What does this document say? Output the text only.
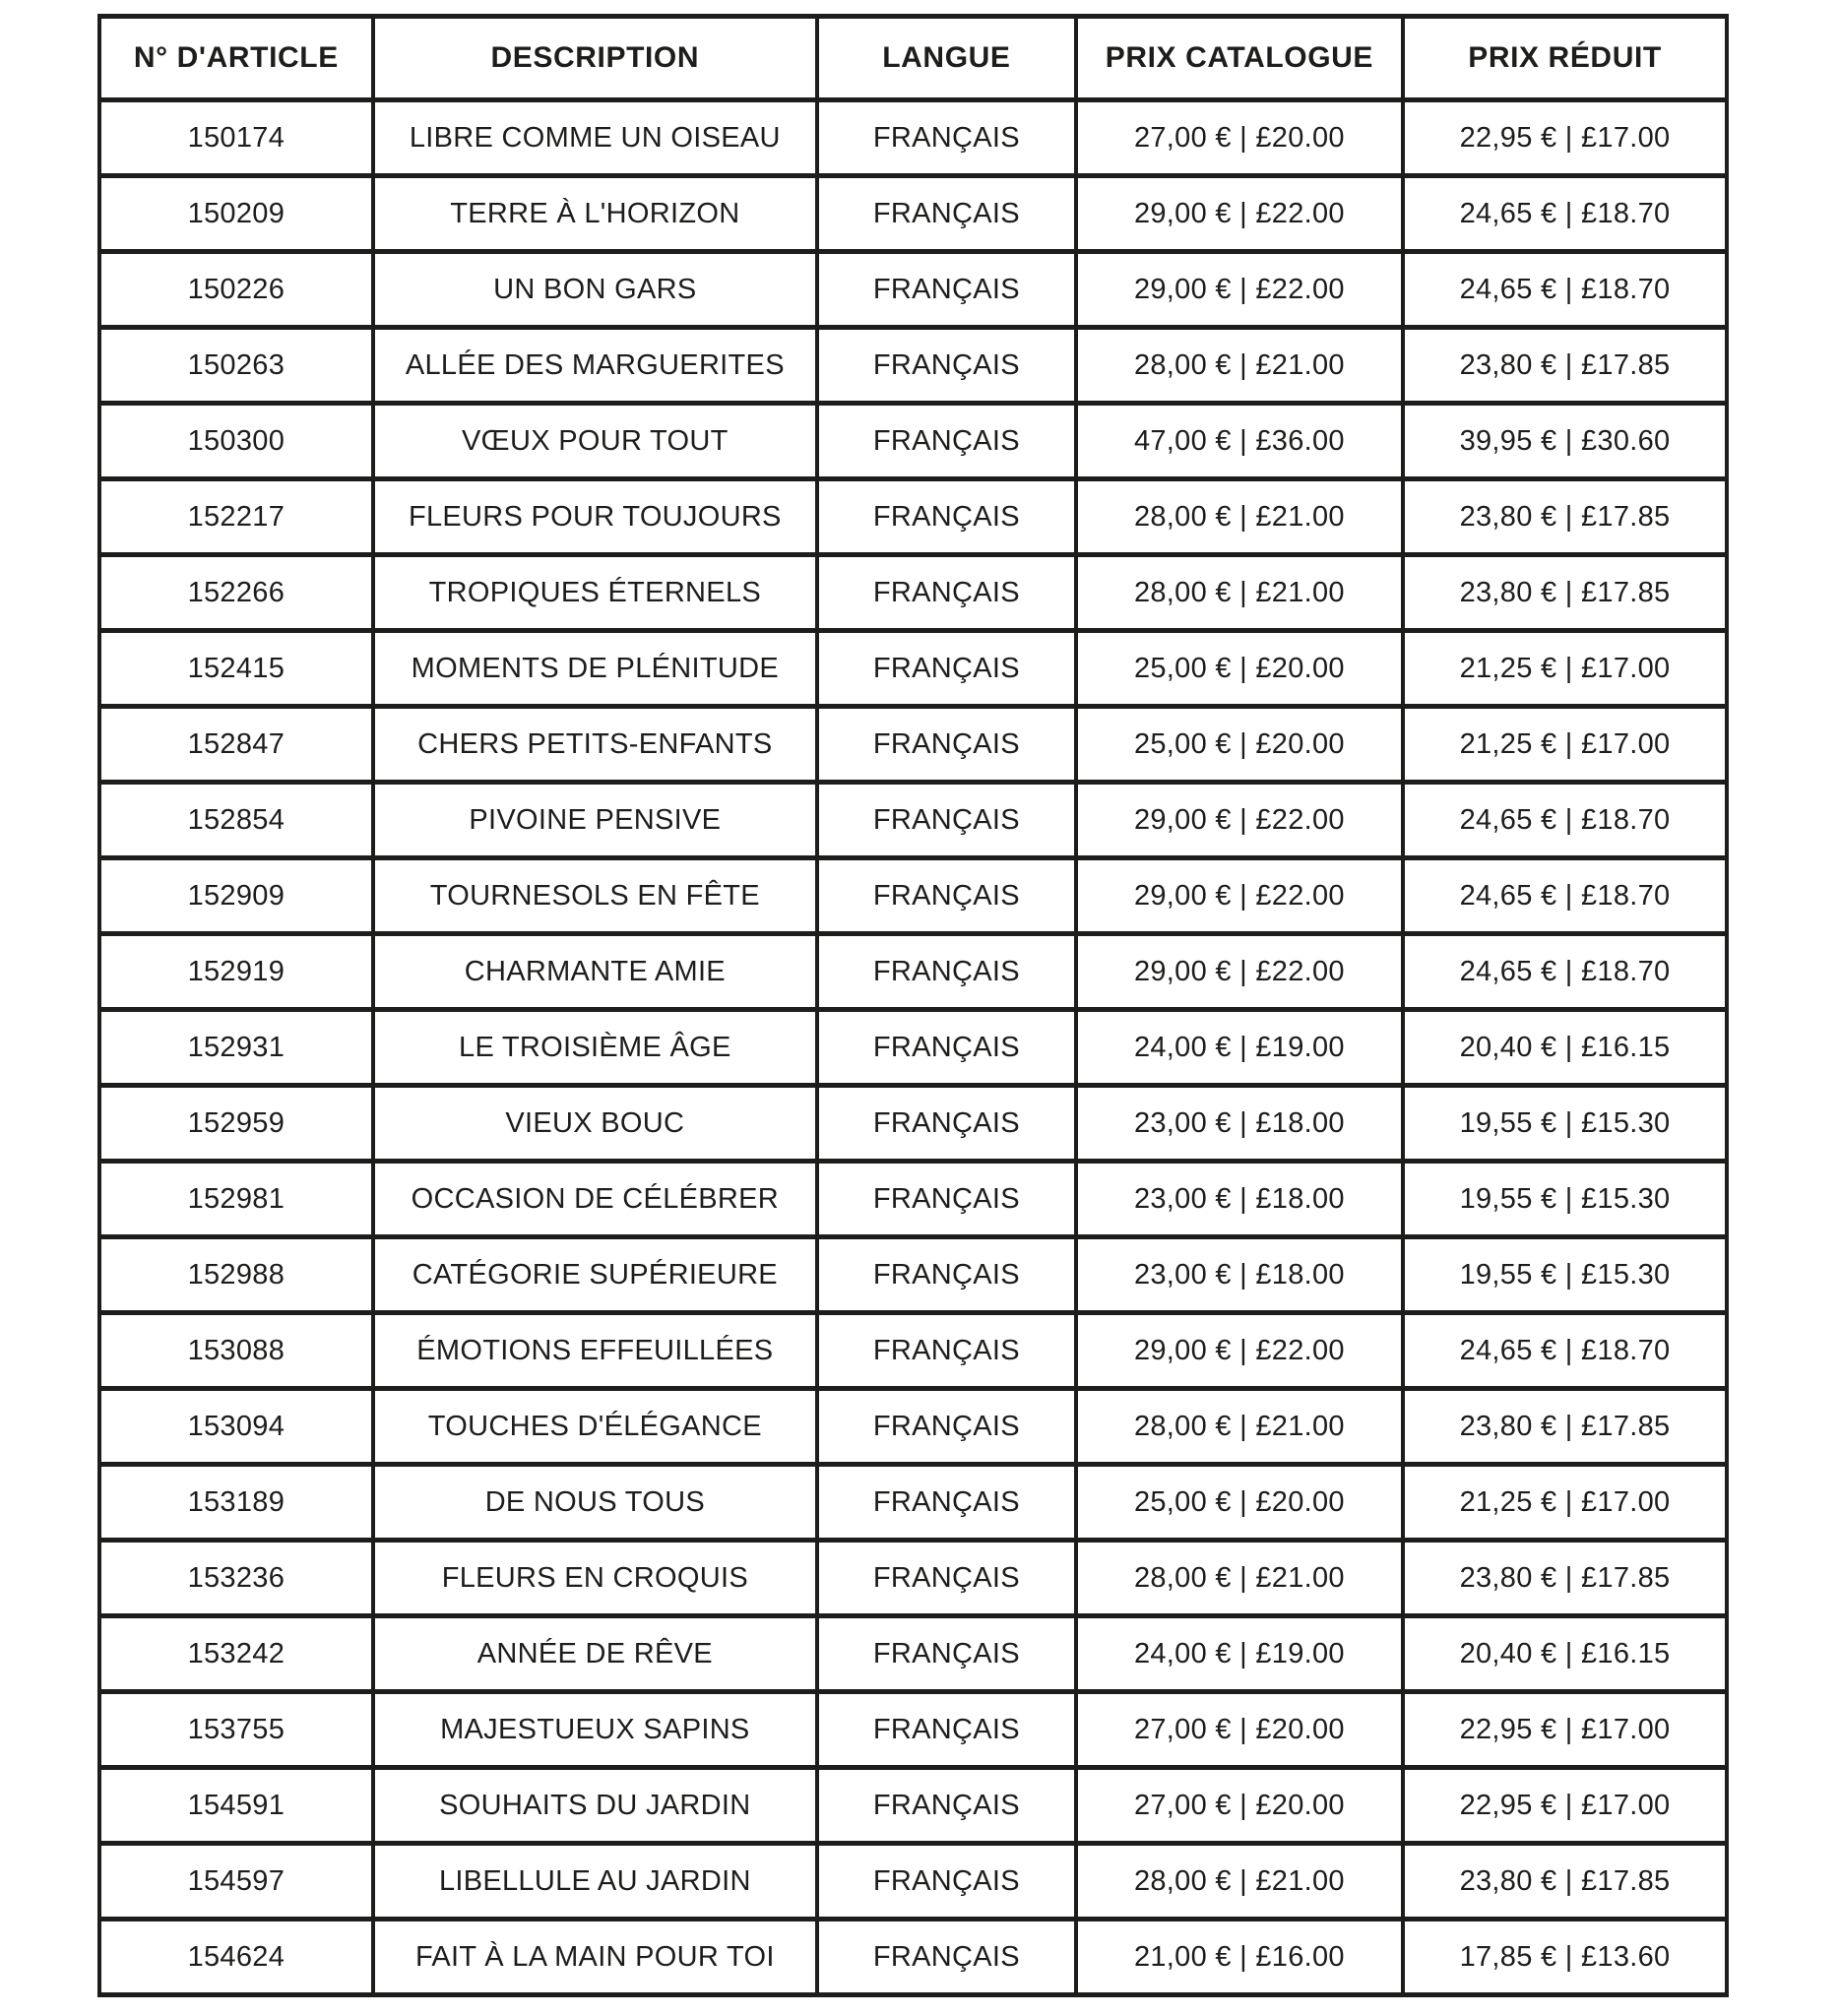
N° D'ARTICLE	DESCRIPTION	LANGUE	PRIX CATALOGUE	PRIX RÉDUIT
150174	LIBRE COMME UN OISEAU	FRANÇAIS	27,00 € | £20.00	22,95 € | £17.00
150209	TERRE À L'HORIZON	FRANÇAIS	29,00 € | £22.00	24,65 € | £18.70
150226	UN BON GARS	FRANÇAIS	29,00 € | £22.00	24,65 € | £18.70
150263	ALLÉE DES MARGUERITES	FRANÇAIS	28,00 € | £21.00	23,80 € | £17.85
150300	VŒUX POUR TOUT	FRANÇAIS	47,00 € | £36.00	39,95 € | £30.60
152217	FLEURS POUR TOUJOURS	FRANÇAIS	28,00 € | £21.00	23,80 € | £17.85
152266	TROPIQUES ÉTERNELS	FRANÇAIS	28,00 € | £21.00	23,80 € | £17.85
152415	MOMENTS DE PLÉNITUDE	FRANÇAIS	25,00 € | £20.00	21,25 € | £17.00
152847	CHERS PETITS-ENFANTS	FRANÇAIS	25,00 € | £20.00	21,25 € | £17.00
152854	PIVOINE PENSIVE	FRANÇAIS	29,00 € | £22.00	24,65 € | £18.70
152909	TOURNESOLS EN FÊTE	FRANÇAIS	29,00 € | £22.00	24,65 € | £18.70
152919	CHARMANTE AMIE	FRANÇAIS	29,00 € | £22.00	24,65 € | £18.70
152931	LE TROISIÈME ÂGE	FRANÇAIS	24,00 € | £19.00	20,40 € | £16.15
152959	VIEUX BOUC	FRANÇAIS	23,00 € | £18.00	19,55 € | £15.30
152981	OCCASION DE CÉLÉBRER	FRANÇAIS	23,00 € | £18.00	19,55 € | £15.30
152988	CATÉGORIE SUPÉRIEURE	FRANÇAIS	23,00 € | £18.00	19,55 € | £15.30
153088	ÉMOTIONS EFFEUILLÉES	FRANÇAIS	29,00 € | £22.00	24,65 € | £18.70
153094	TOUCHES D'ÉLÉGANCE	FRANÇAIS	28,00 € | £21.00	23,80 € | £17.85
153189	DE NOUS TOUS	FRANÇAIS	25,00 € | £20.00	21,25 € | £17.00
153236	FLEURS EN CROQUIS	FRANÇAIS	28,00 € | £21.00	23,80 € | £17.85
153242	ANNÉE DE RÊVE	FRANÇAIS	24,00 € | £19.00	20,40 € | £16.15
153755	MAJESTUEUX SAPINS	FRANÇAIS	27,00 € | £20.00	22,95 € | £17.00
154591	SOUHAITS DU JARDIN	FRANÇAIS	27,00 € | £20.00	22,95 € | £17.00
154597	LIBELLULE AU JARDIN	FRANÇAIS	28,00 € | £21.00	23,80 € | £17.85
154624	FAIT À LA MAIN POUR TOI	FRANÇAIS	21,00 € | £16.00	17,85 € | £13.60
